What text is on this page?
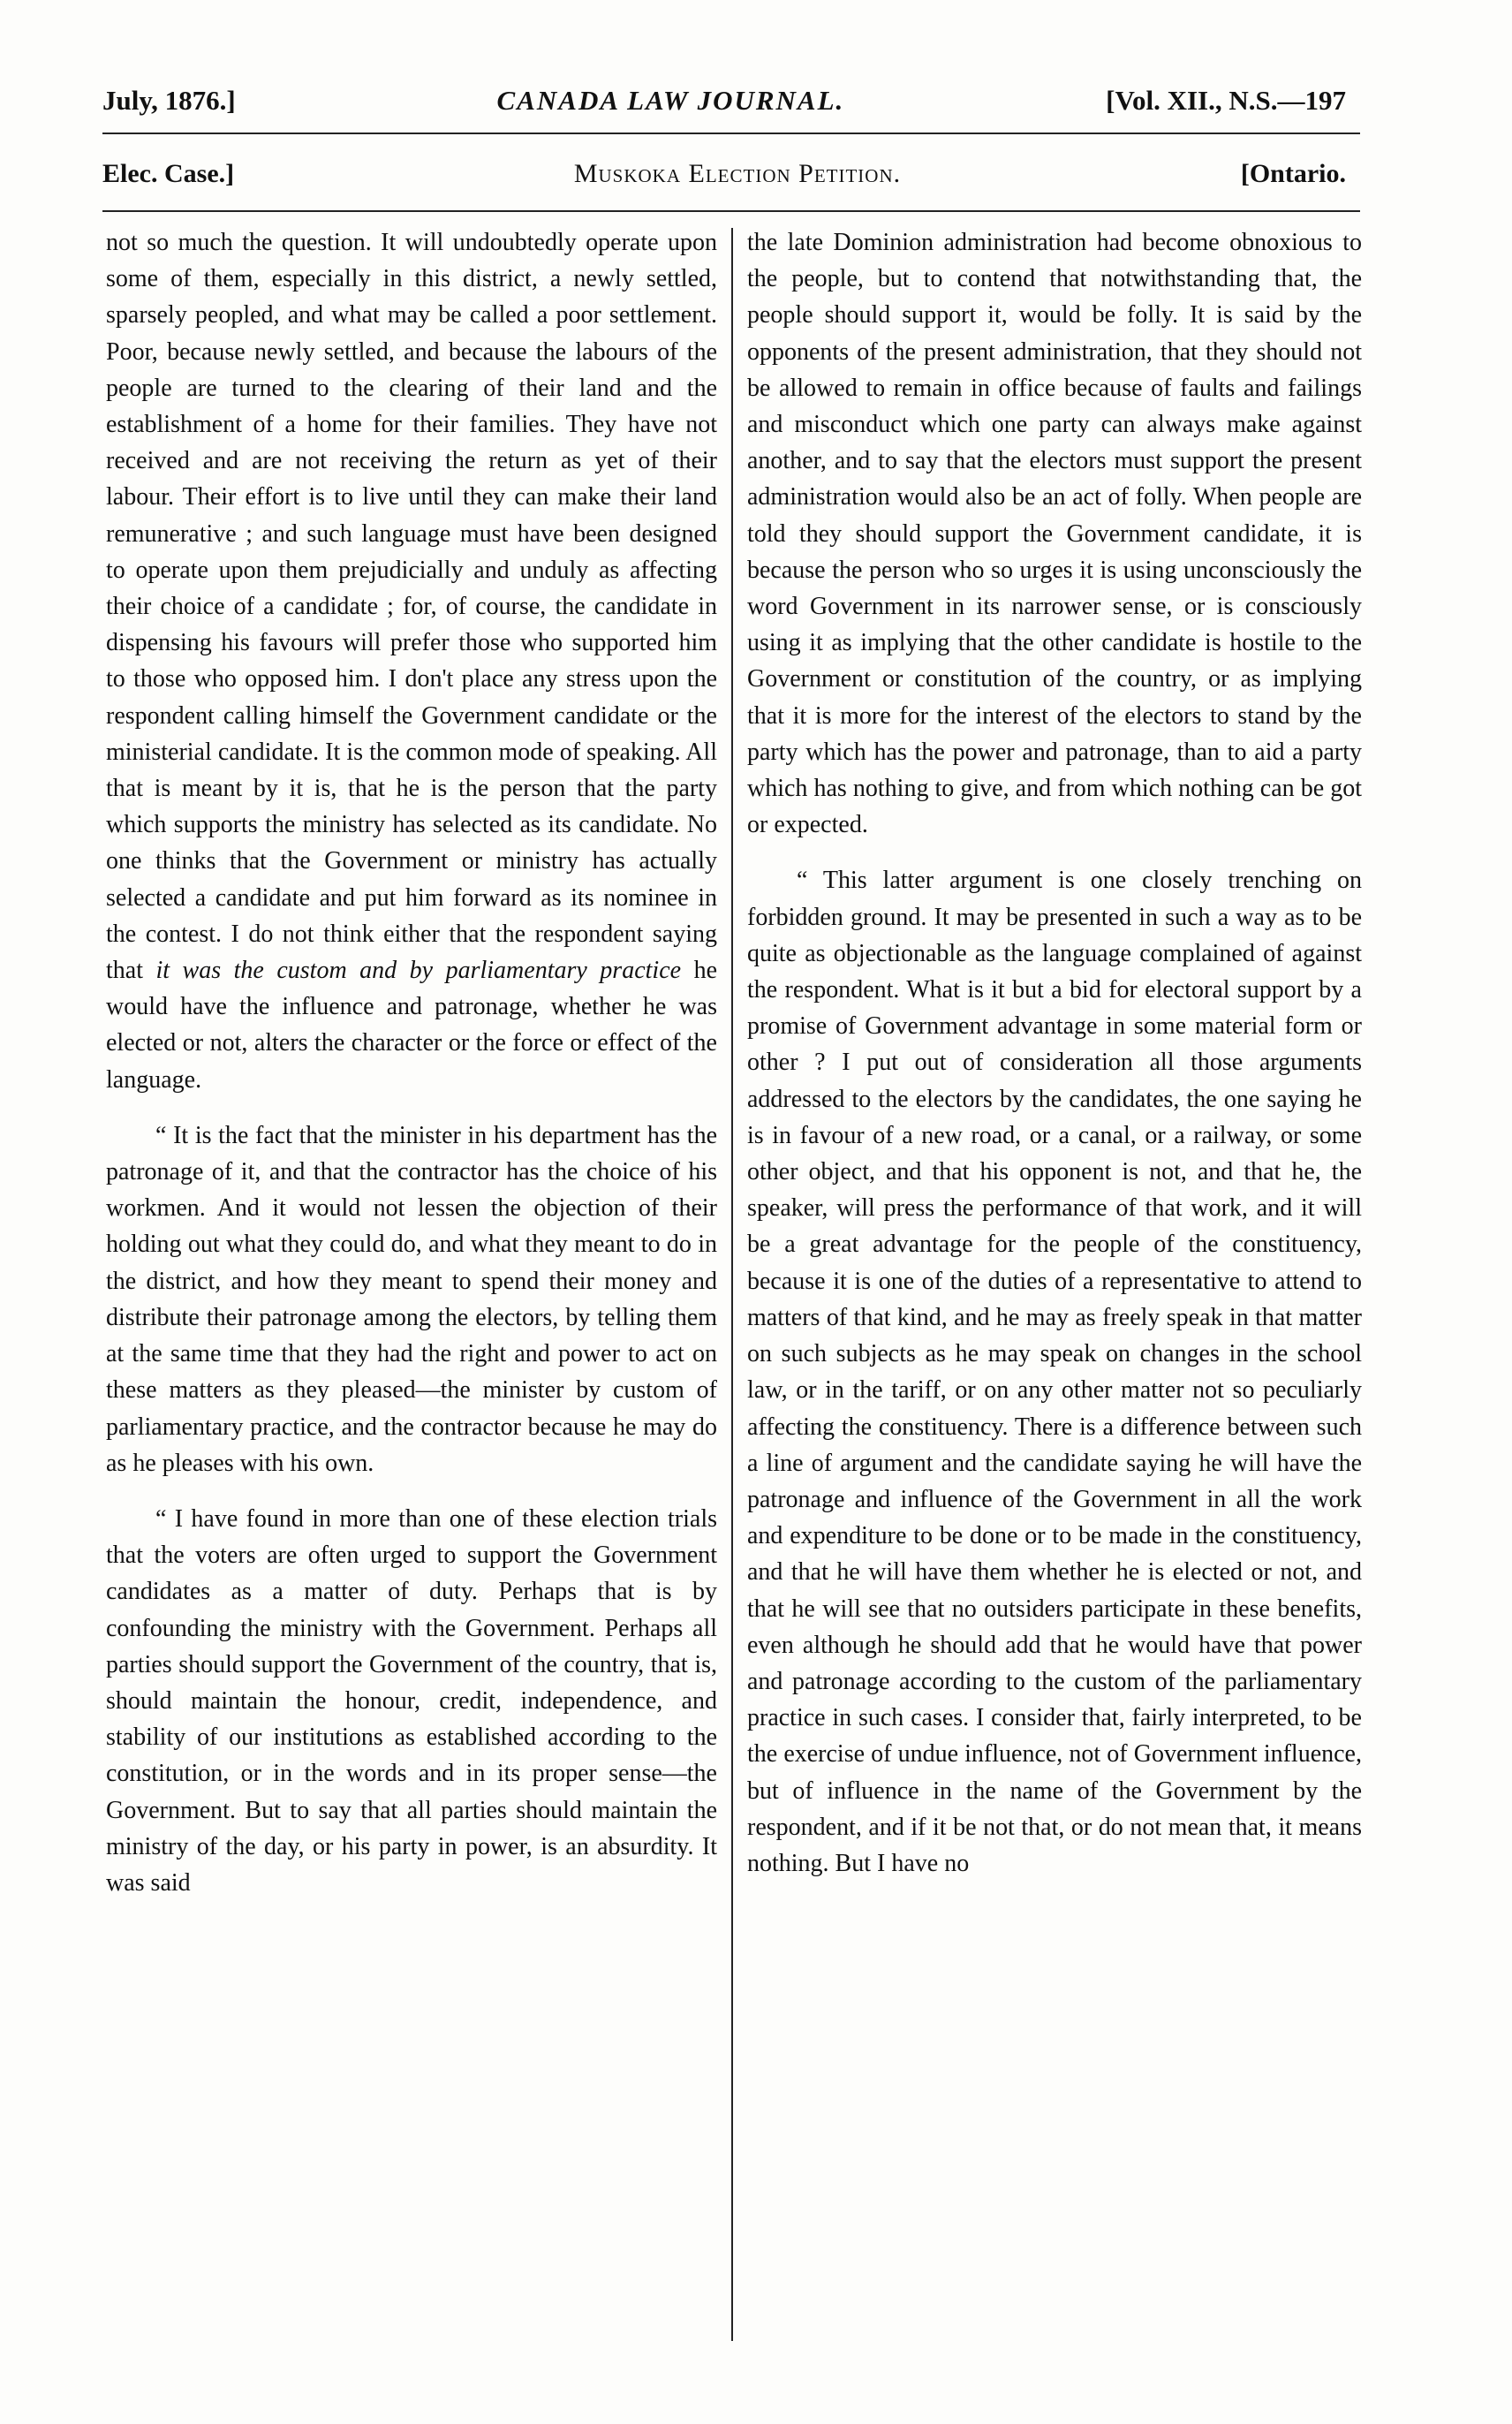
July, 1876.]	CANADA LAW JOURNAL.	[Vol. XII., N.S.—197
Elec. Case.]	Muskoka Election Petition.	[Ontario.

not so much the question. It will undoubtedly operate upon some of them, especially in this district, a newly settled, sparsely peopled, and what may be called a poor settlement. Poor, because newly settled, and because the labours of the people are turned to the clearing of their land and the establishment of a home for their families. They have not received and are not receiving the return as yet of their labour. Their effort is to live until they can make their land remunerative ; and such language must have been designed to operate upon them prejudicially and unduly as affecting their choice of a candidate ; for, of course, the candidate in dispensing his favours will prefer those who supported him to those who opposed him. I don't place any stress upon the respondent calling himself the Government candidate or the ministerial candidate. It is the common mode of speaking. All that is meant by it is, that he is the person that the party which supports the ministry has selected as its candidate. No one thinks that the Government or ministry has actually selected a candidate and put him forward as its nominee in the contest. I do not think either that the respondent saying that it was the custom and by parliamentary practice he would have the influence and patronage, whether he was elected or not, alters the character or the force or effect of the language.

“ It is the fact that the minister in his department has the patronage of it, and that the contractor has the choice of his workmen. And it would not lessen the objection of their holding out what they could do, and what they meant to do in the district, and how they meant to spend their money and distribute their patronage among the electors, by telling them at the same time that they had the right and power to act on these matters as they pleased—the minister by custom of parliamentary practice, and the contractor because he may do as he pleases with his own.

“ I have found in more than one of these election trials that the voters are often urged to support the Government candidates as a matter of duty. Perhaps that is by confounding the ministry with the Government. Perhaps all parties should support the Government of the country, that is, should maintain the honour, credit, independence, and stability of our institutions as established according to the constitution, or in the words and in its proper sense—the Government. But to say that all parties should maintain the ministry of the day, or his party in power, is an absurdity. It was said

the late Dominion administration had become obnoxious to the people, but to contend that notwithstanding that, the people should support it, would be folly. It is said by the opponents of the present administration, that they should not be allowed to remain in office because of faults and failings and misconduct which one party can always make against another, and to say that the electors must support the present administration would also be an act of folly. When people are told they should support the Government candidate, it is because the person who so urges it is using unconsciously the word Government in its narrower sense, or is consciously using it as implying that the other candidate is hostile to the Government or constitution of the country, or as implying that it is more for the interest of the electors to stand by the party which has the power and patronage, than to aid a party which has nothing to give, and from which nothing can be got or expected.

“ This latter argument is one closely trenching on forbidden ground. It may be presented in such a way as to be quite as objectionable as the language complained of against the respondent. What is it but a bid for electoral support by a promise of Government advantage in some material form or other ? I put out of consideration all those arguments addressed to the electors by the candidates, the one saying he is in favour of a new road, or a canal, or a railway, or some other object, and that his opponent is not, and that he, the speaker, will press the performance of that work, and it will be a great advantage for the people of the constituency, because it is one of the duties of a representative to attend to matters of that kind, and he may as freely speak in that matter on such subjects as he may speak on changes in the school law, or in the tariff, or on any other matter not so peculiarly affecting the constituency. There is a difference between such a line of argument and the candidate saying he will have the patronage and influence of the Government in all the work and expenditure to be done or to be made in the constituency, and that he will have them whether he is elected or not, and that he will see that no outsiders participate in these benefits, even although he should add that he would have that power and patronage according to the custom of the parliamentary practice in such cases. I consider that, fairly interpreted, to be the exercise of undue influence, not of Government influence, but of influence in the name of the Government by the respondent, and if it be not that, or do not mean that, it means nothing. But I have no
